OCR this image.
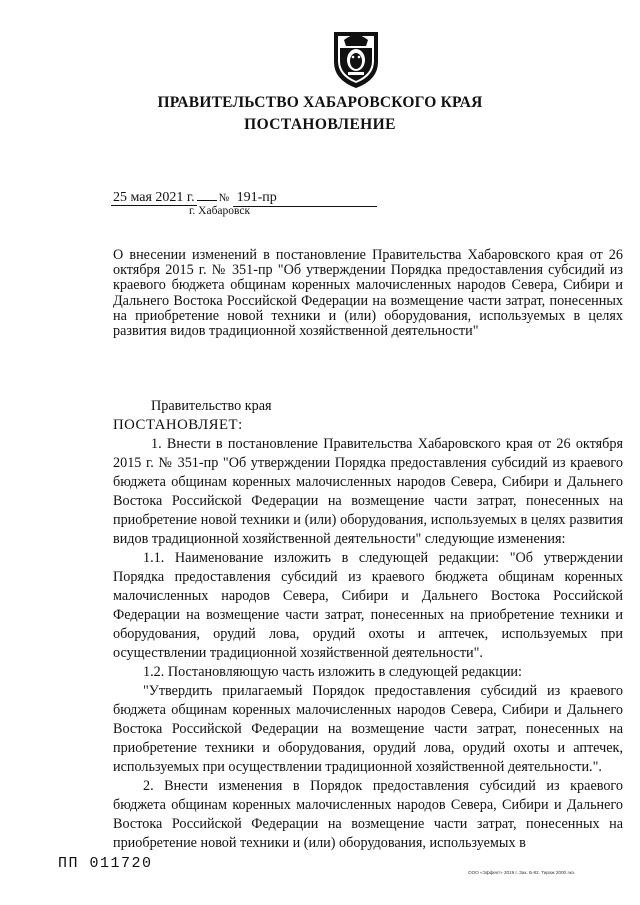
ПРАВИТЕЛЬСТВО ХАБАРОВСКОГО КРАЯ
ПОСТАНОВЛЕНИЕ
25 мая 2021 г. № 191-пр
г. Хабаровск
О внесении изменений в постановление Правительства Хабаровского края от 26 октября 2015 г. № 351-пр "Об утверждении Порядка предоставления субсидий из краевого бюджета общинам коренных малочисленных народов Севера, Сибири и Дальнего Востока Российской Федерации на возмещение части затрат, понесенных на приобретение новой техники и (или) оборудования, используемых в целях развития видов традиционной хозяйственной деятельности"

Правительство края

ПОСТАНОВЛЯЕТ:

1. Внести в постановление Правительства Хабаровского края от 26 октября 2015 г. № 351-пр "Об утверждении Порядка предоставления субсидий из краевого бюджета общинам коренных малочисленных народов Севера, Сибири и Дальнего Востока Российской Федерации на возмещение части затрат, понесенных на приобретение новой техники и (или) оборудования, используемых в целях развития видов традиционной хозяйственной деятельности" следующие изменения:

1.1. Наименование изложить в следующей редакции: "Об утверждении Порядка предоставления субсидий из краевого бюджета общинам коренных малочисленных народов Севера, Сибири и Дальнего Востока Российской Федерации на возмещение части затрат, понесенных на приобретение техники и оборудования, орудий лова, орудий охоты и аптечек, используемых при осуществлении традиционной хозяйственной деятельности".

1.2. Постановляющую часть изложить в следующей редакции:

"Утвердить прилагаемый Порядок предоставления субсидий из краевого бюджета общинам коренных малочисленных народов Севера, Сибири и Дальнего Востока Российской Федерации на возмещение части затрат, понесенных на приобретение техники и оборудования, орудий лова, орудий охоты и аптечек, используемых при осуществлении традиционной хозяйственной деятельности.".

2. Внести изменения в Порядок предоставления субсидий из краевого бюджета общинам коренных малочисленных народов Севера, Сибири и Дальнего Востока Российской Федерации на возмещение части затрат, понесенных на приобретение новой техники и (или) оборудования, используемых в

ПП 011720
ООО «Эффект» 2019 г. Зак. Б-82. Тираж 2000 экз.
